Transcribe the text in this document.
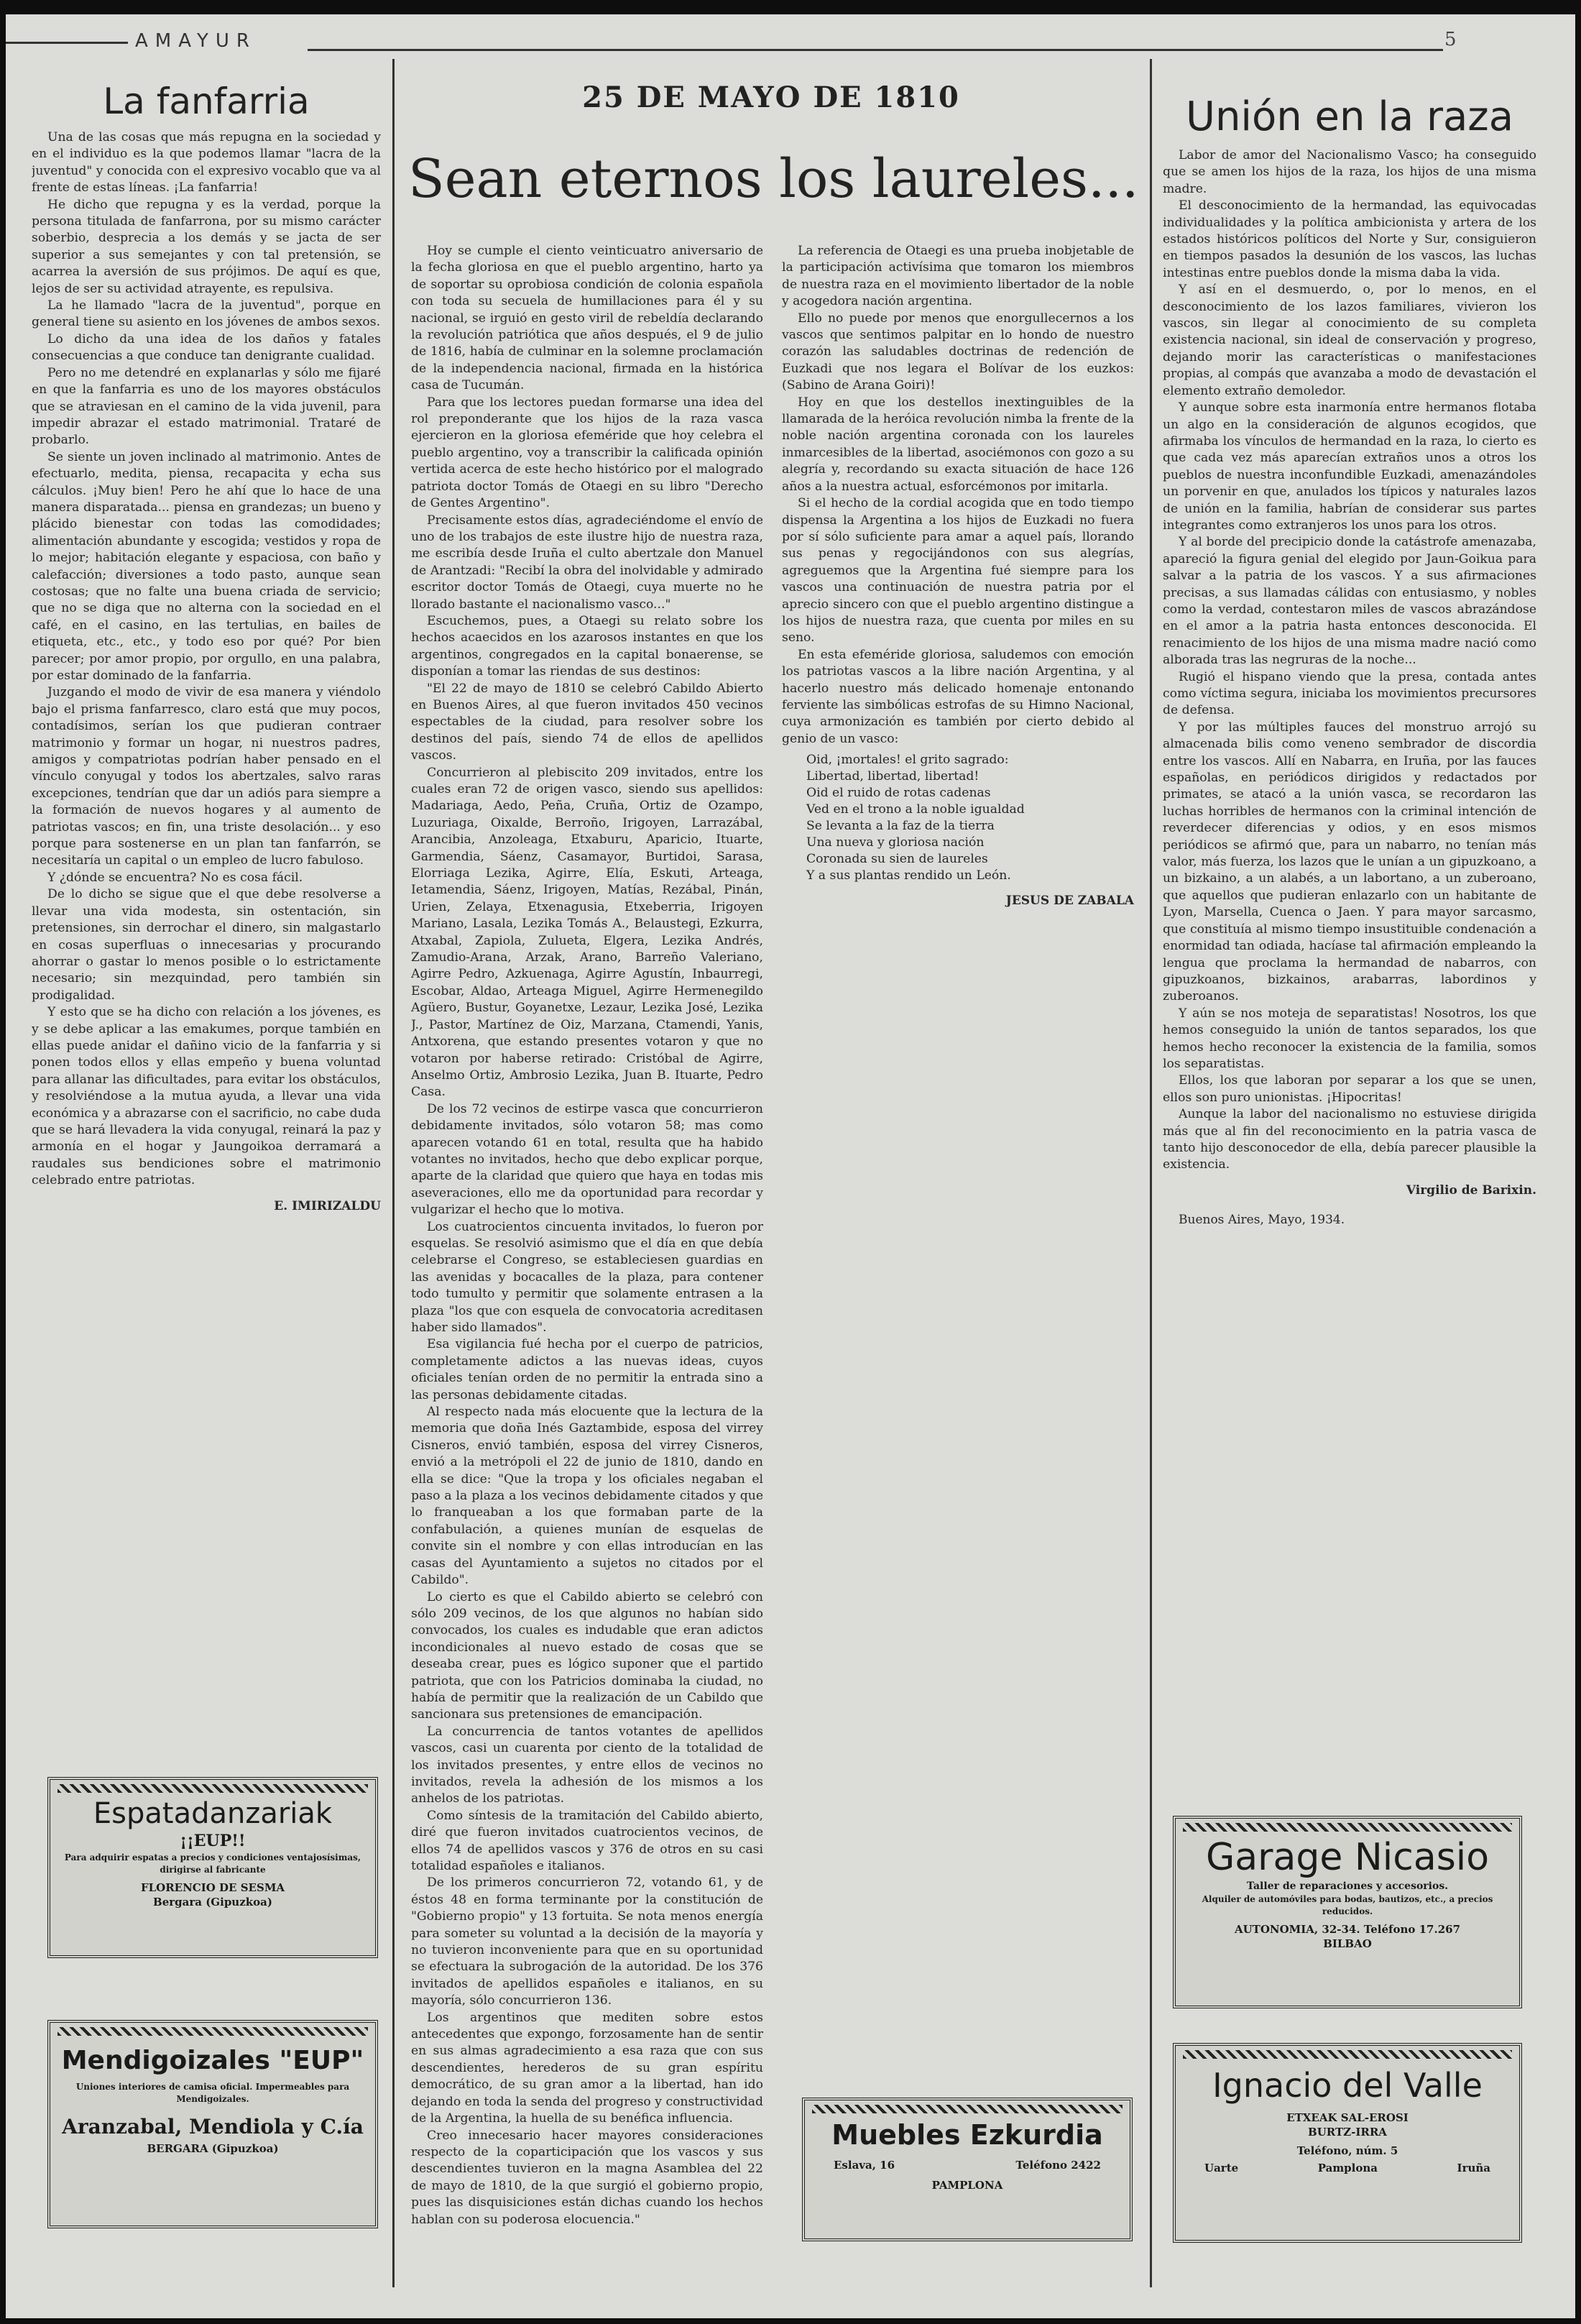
AMAYUR	5
La fanfarria

Una de las cosas que más repugna en la sociedad y en el individuo es la que podemos llamar "lacra de la juventud" y conocida con el expresivo vocablo que va al frente de estas líneas. ¡La fanfarria!

He dicho que repugna y es la verdad, porque la persona titulada de fanfarrona, por su mismo carácter soberbio, desprecia a los demás y se jacta de ser superior a sus semejantes y con tal pretensión, se acarrea la aversión de sus prójimos. De aquí es que, lejos de ser su actividad atrayente, es repulsiva.

La he llamado "lacra de la juventud", porque en general tiene su asiento en los jóvenes de ambos sexos.

Lo dicho da una idea de los daños y fatales consecuencias a que conduce tan denigrante cualidad.

Pero no me detendré en explanarlas y sólo me fijaré en que la fanfarria es uno de los mayores obstáculos que se atraviesan en el camino de la vida juvenil, para impedir abrazar el estado matrimonial. Trataré de probarlo.

Se siente un joven inclinado al matrimonio. Antes de efectuarlo, medita, piensa, recapacita y echa sus cálculos. ¡Muy bien! Pero he ahí que lo hace de una manera disparatada... piensa en grandezas; un bueno y plácido bienestar con todas las comodidades; alimentación abundante y escogida; vestidos y ropa de lo mejor; habitación elegante y espaciosa, con baño y calefacción; diversiones a todo pasto, aunque sean costosas; que no falte una buena criada de servicio; que no se diga que no alterna con la sociedad en el café, en el casino, en las tertulias, en bailes de etiqueta, etc., etc., y todo eso por qué? Por bien parecer; por amor propio, por orgullo, en una palabra, por estar dominado de la fanfarria.

Juzgando el modo de vivir de esa manera y viéndolo bajo el prisma fanfarresco, claro está que muy pocos, contadísimos, serían los que pudieran contraer matrimonio y formar un hogar, ni nuestros padres, amigos y compatriotas podrían haber pensado en el vínculo conyugal y todos los abertzales, salvo raras excepciones, tendrían que dar un adiós para siempre a la formación de nuevos hogares y al aumento de patriotas vascos; en fin, una triste desolación... y eso porque para sostenerse en un plan tan fanfarrón, se necesitaría un capital o un empleo de lucro fabuloso.

Y ¿dónde se encuentra? No es cosa fácil.

De lo dicho se sigue que el que debe resolverse a llevar una vida modesta, sin ostentación, sin pretensiones, sin derrochar el dinero, sin malgastarlo en cosas superfluas o innecesarias y procurando ahorrar o gastar lo menos posible o lo estrictamente necesario; sin mezquindad, pero también sin prodigalidad.

Y esto que se ha dicho con relación a los jóvenes, es y se debe aplicar a las emakumes, porque también en ellas puede anidar el dañino vicio de la fanfarria y si ponen todos ellos y ellas empeño y buena voluntad para allanar las dificultades, para evitar los obstáculos, y resolviéndose a la mutua ayuda, a llevar una vida económica y a abrazarse con el sacrificio, no cabe duda que se hará llevadera la vida conyugal, reinará la paz y armonía en el hogar y Jaungoikoa derramará a raudales sus bendiciones sobre el matrimonio celebrado entre patriotas.

E. IMIRIZALDU
Espatadanzariak
¡¡EUP!!
Para adquirir espatas a precios y condiciones ventajosísimas, dirigirse al fabricante
FLORENCIO DE SESMA
Bergara (Gipuzkoa)
Mendigoizales "EUP"
Uniones interiores de camisa oficial. Impermeables para Mendigoizales.
Aranzabal, Mendiola y C.ía
BERGARA (Gipuzkoa)
25 DE MAYO DE 1810
Sean eternos los laureles...

Hoy se cumple el ciento veinticuatro aniversario de la fecha gloriosa en que el pueblo argentino, harto ya de soportar su oprobiosa condición de colonia española con toda su secuela de humillaciones para él y su nacional, se irguió en gesto viril de rebeldía declarando la revolución patriótica que años después, el 9 de julio de 1816, había de culminar en la solemne proclamación de la independencia nacional, firmada en la histórica casa de Tucumán.

Para que los lectores puedan formarse una idea del rol preponderante que los hijos de la raza vasca ejercieron en la gloriosa efeméride que hoy celebra el pueblo argentino, voy a transcribir la calificada opinión vertida acerca de este hecho histórico por el malogrado patriota doctor Tomás de Otaegi en su libro "Derecho de Gentes Argentino".

Precisamente estos días, agradeciéndome el envío de uno de los trabajos de este ilustre hijo de nuestra raza, me escribía desde Iruña el culto abertzale don Manuel de Arantzadi: "Recibí la obra del inolvidable y admirado escritor doctor Tomás de Otaegi, cuya muerte no he llorado bastante el nacionalismo vasco..."

Escuchemos, pues, a Otaegi su relato sobre los hechos acaecidos en los azarosos instantes en que los argentinos, congregados en la capital bonaerense, se disponían a tomar las riendas de sus destinos:

"El 22 de mayo de 1810 se celebró Cabildo Abierto en Buenos Aires, al que fueron invitados 450 vecinos espectables de la ciudad, para resolver sobre los destinos del país, siendo 74 de ellos de apellidos vascos.

Concurrieron al plebiscito 209 invitados, entre los cuales eran 72 de origen vasco, siendo sus apellidos: Madariaga, Aedo, Peña, Cruña, Ortiz de Ozampo, Luzuriaga, Oixalde, Berroño, Irigoyen, Larrazábal, Arancibia, Anzoleaga, Etxaburu, Aparicio, Ituarte, Garmendia, Sáenz, Casamayor, Burtidoi, Sarasa, Elorriaga Lezika, Agirre, Elía, Eskuti, Arteaga, Ietamendia, Sáenz, Irigoyen, Matías, Rezábal, Pinán, Urien, Zelaya, Etxenagusia, Etxeberria, Irigoyen Mariano, Lasala, Lezika Tomás A., Belaustegi, Ezkurra, Atxabal, Zapiola, Zulueta, Elgera, Lezika Andrés, Zamudio-Arana, Arzak, Arano, Barreño Valeriano, Agirre Pedro, Azkuenaga, Agirre Agustín, Inbaurregi, Escobar, Aldao, Arteaga Miguel, Agirre Hermenegildo Agüero, Bustur, Goyanetxe, Lezaur, Lezika José, Lezika J., Pastor, Martínez de Oiz, Marzana, Ctamendi, Yanis, Antxorena, que estando presentes votaron y que no votaron por haberse retirado: Cristóbal de Agirre, Anselmo Ortiz, Ambrosio Lezika, Juan B. Ituarte, Pedro Casa.

De los 72 vecinos de estirpe vasca que concurrieron debidamente invitados, sólo votaron 58; mas como aparecen votando 61 en total, resulta que ha habido votantes no invitados, hecho que debo explicar porque, aparte de la claridad que quiero que haya en todas mis aseveraciones, ello me da oportunidad para recordar y vulgarizar el hecho que lo motiva.

Los cuatrocientos cincuenta invitados, lo fueron por esquelas. Se resolvió asimismo que el día en que debía celebrarse el Congreso, se estableciesen guardias en las avenidas y bocacalles de la plaza, para contener todo tumulto y permitir que solamente entrasen a la plaza "los que con esquela de convocatoria acreditasen haber sido llamados".

Esa vigilancia fué hecha por el cuerpo de patricios, completamente adictos a las nuevas ideas, cuyos oficiales tenían orden de no permitir la entrada sino a las personas debidamente citadas.

Al respecto nada más elocuente que la lectura de la memoria que doña Inés Gaztambide, esposa del virrey Cisneros, envió también, esposa del virrey Cisneros, envió a la metrópoli el 22 de junio de 1810, dando en ella se dice: "Que la tropa y los oficiales negaban el paso a la plaza a los vecinos debidamente citados y que lo franqueaban a los que formaban parte de la confabulación, a quienes munían de esquelas de convite sin el nombre y con ellas introducían en las casas del Ayuntamiento a sujetos no citados por el Cabildo".

Lo cierto es que el Cabildo abierto se celebró con sólo 209 vecinos, de los que algunos no habían sido convocados, los cuales es indudable que eran adictos incondicionales al nuevo estado de cosas que se deseaba crear, pues es lógico suponer que el partido patriota, que con los Patricios dominaba la ciudad, no había de permitir que la realización de un Cabildo que sancionara sus pretensiones de emancipación.

La concurrencia de tantos votantes de apellidos vascos, casi un cuarenta por ciento de la totalidad de los invitados presentes, y entre ellos de vecinos no invitados, revela la adhesión de los mismos a los anhelos de los patriotas.

Como síntesis de la tramitación del Cabildo abierto, diré que fueron invitados cuatrocientos vecinos, de ellos 74 de apellidos vascos y 376 de otros en su casi totalidad españoles e italianos.

De los primeros concurrieron 72, votando 61, y de éstos 48 en forma terminante por la constitución de "Gobierno propio" y 13 fortuita. Se nota menos energía para someter su voluntad a la decisión de la mayoría y no tuvieron inconveniente para que en su oportunidad se efectuara la subrogación de la autoridad. De los 376 invitados de apellidos españoles e italianos, en su mayoría, sólo concurrieron 136.

Los argentinos que mediten sobre estos antecedentes que expongo, forzosamente han de sentir en sus almas agradecimiento a esa raza que con sus descendientes, herederos de su gran espíritu democrático, de su gran amor a la libertad, han ido dejando en toda la senda del progreso y constructividad de la Argentina, la huella de su benéfica influencia.

Creo innecesario hacer mayores consideraciones respecto de la coparticipación que los vascos y sus descendientes tuvieron en la magna Asamblea del 22 de mayo de 1810, de la que surgió el gobierno propio, pues las disquisiciones están dichas cuando los hechos hablan con su poderosa elocuencia."

La referencia de Otaegi es una prueba inobjetable de la participación activísima que tomaron los miembros de nuestra raza en el movimiento libertador de la noble y acogedora nación argentina.

Ello no puede por menos que enorgullecernos a los vascos que sentimos palpitar en lo hondo de nuestro corazón las saludables doctrinas de redención de Euzkadi que nos legara el Bolívar de los euzkos: (Sabino de Arana Goiri)!

Hoy en que los destellos inextinguibles de la llamarada de la heróica revolución nimba la frente de la noble nación argentina coronada con los laureles inmarcesibles de la libertad, asociémonos con gozo a su alegría y, recordando su exacta situación de hace 126 años a la nuestra actual, esforcémonos por imitarla.

Si el hecho de la cordial acogida que en todo tiempo dispensa la Argentina a los hijos de Euzkadi no fuera por sí sólo suficiente para amar a aquel país, llorando sus penas y regocijándonos con sus alegrías, agreguemos que la Argentina fué siempre para los vascos una continuación de nuestra patria por el aprecio sincero con que el pueblo argentino distingue a los hijos de nuestra raza, que cuenta por miles en su seno.

En esta efeméride gloriosa, saludemos con emoción los patriotas vascos a la libre nación Argentina, y al hacerlo nuestro más delicado homenaje entonando ferviente las simbólicas estrofas de su Himno Nacional, cuya armonización es también por cierto debido al genio de un vasco:

Oid, ¡mortales! el grito sagrado:
Libertad, libertad, libertad!
Oid el ruido de rotas cadenas
Ved en el trono a la noble igualdad
Se levanta a la faz de la tierra
Una nueva y gloriosa nación
Coronada su sien de laureles
Y a sus plantas rendido un León.
JESUS DE ZABALA
Muebles Ezkurdia
Eslava, 16	Teléfono 2422
PAMPLONA
Unión en la raza

Labor de amor del Nacionalismo Vasco; ha conseguido que se amen los hijos de la raza, los hijos de una misma madre.

El desconocimiento de la hermandad, las equivocadas individualidades y la política ambicionista y artera de los estados históricos políticos del Norte y Sur, consiguieron en tiempos pasados la desunión de los vascos, las luchas intestinas entre pueblos donde la misma daba la vida.

Y así en el desmuerdo, o, por lo menos, en el desconocimiento de los lazos familiares, vivieron los vascos, sin llegar al conocimiento de su completa existencia nacional, sin ideal de conservación y progreso, dejando morir las características o manifestaciones propias, al compás que avanzaba a modo de devastación el elemento extraño demoledor.

Y aunque sobre esta inarmonía entre hermanos flotaba un algo en la consideración de algunos ecogidos, que afirmaba los vínculos de hermandad en la raza, lo cierto es que cada vez más aparecían extraños unos a otros los pueblos de nuestra inconfundible Euzkadi, amenazándoles un porvenir en que, anulados los típicos y naturales lazos de unión en la familia, habrían de considerar sus partes integrantes como extranjeros los unos para los otros.

Y al borde del precipicio donde la catástrofe amenazaba, apareció la figura genial del elegido por Jaun-Goikua para salvar a la patria de los vascos. Y a sus afirmaciones precisas, a sus llamadas cálidas con entusiasmo, y nobles como la verdad, contestaron miles de vascos abrazándose en el amor a la patria hasta entonces desconocida. El renacimiento de los hijos de una misma madre nació como alborada tras las negruras de la noche...

Rugió el hispano viendo que la presa, contada antes como víctima segura, iniciaba los movimientos precursores de defensa.

Y por las múltiples fauces del monstruo arrojó su almacenada bilis como veneno sembrador de discordia entre los vascos. Allí en Nabarra, en Iruña, por las fauces españolas, en periódicos dirigidos y redactados por primates, se atacó a la unión vasca, se recordaron las luchas horribles de hermanos con la criminal intención de reverdecer diferencias y odios, y en esos mismos periódicos se afirmó que, para un nabarro, no tenían más valor, más fuerza, los lazos que le unían a un gipuzkoano, a un bizkaino, a un alabés, a un labortano, a un zuberoano, que aquellos que pudieran enlazarlo con un habitante de Lyon, Marsella, Cuenca o Jaen. Y para mayor sarcasmo, que constituía al mismo tiempo insustituible condenación a enormidad tan odiada, hacíase tal afirmación empleando la lengua que proclama la hermandad de nabarros, con gipuzkoanos, bizkainos, arabarras, labordinos y zuberoanos.

Y aún se nos moteja de separatistas! Nosotros, los que hemos conseguido la unión de tantos separados, los que hemos hecho reconocer la existencia de la familia, somos los separatistas.

Ellos, los que laboran por separar a los que se unen, ellos son puro unionistas. ¡Hipocritas!

Aunque la labor del nacionalismo no estuviese dirigida más que al fin del reconocimiento en la patria vasca de tanto hijo desconocedor de ella, debía parecer plausible la existencia.

Virgilio de Barixin.
Buenos Aires, Mayo, 1934.
Garage Nicasio
Taller de reparaciones y accesorios.
Alquiler de automóviles para bodas, bautizos, etc., a precios reducidos.
AUTONOMIA, 32-34. Teléfono 17.267
BILBAO
Ignacio del Valle
ETXEAK SAL-EROSI
BURTZ-IRRA
Teléfono, núm. 5
Uarte	Pamplona	Iruña
